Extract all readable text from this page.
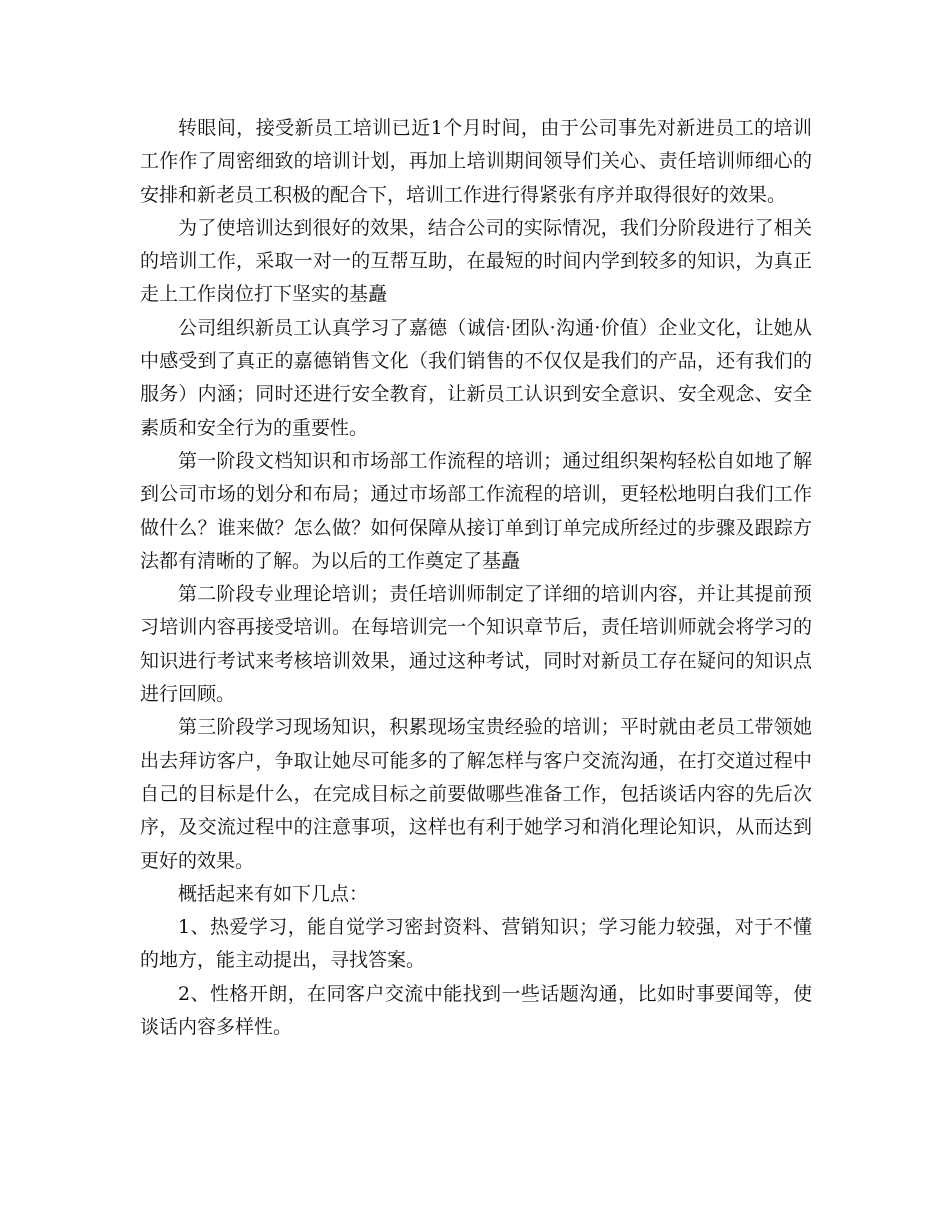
转眼间，接受新员工培训已近1个月时间，由于公司事先对新进员工的培训工作作了周密细致的培训计划，再加上培训期间领导们关心、责任培训师细心的安排和新老员工积极的配合下，培训工作进行得紧张有序并取得很好的效果。

为了使培训达到很好的效果，结合公司的实际情况，我们分阶段进行了相关的培训工作，采取一对一的互帮互助，在最短的时间内学到较多的知识，为真正走上工作岗位打下坚实的基矗

公司组织新员工认真学习了嘉德（诚信·团队·沟通·价值）企业文化，让她从中感受到了真正的嘉德销售文化（我们销售的不仅仅是我们的产品，还有我们的服务）内涵；同时还进行安全教育，让新员工认识到安全意识、安全观念、安全素质和安全行为的重要性。

第一阶段文档知识和市场部工作流程的培训；通过组织架构轻松自如地了解到公司市场的划分和布局；通过市场部工作流程的培训，更轻松地明白我们工作做什么？谁来做？怎么做？如何保障从接订单到订单完成所经过的步骤及跟踪方法都有清晰的了解。为以后的工作奠定了基矗

第二阶段专业理论培训；责任培训师制定了详细的培训内容，并让其提前预习培训内容再接受培训。在每培训完一个知识章节后，责任培训师就会将学习的知识进行考试来考核培训效果，通过这种考试，同时对新员工存在疑问的知识点进行回顾。

第三阶段学习现场知识，积累现场宝贵经验的培训；平时就由老员工带领她出去拜访客户，争取让她尽可能多的了解怎样与客户交流沟通，在打交道过程中自己的目标是什么，在完成目标之前要做哪些准备工作，包括谈话内容的先后次序，及交流过程中的注意事项，这样也有利于她学习和消化理论知识，从而达到更好的效果。

概括起来有如下几点：

1、热爱学习，能自觉学习密封资料、营销知识；学习能力较强，对于不懂的地方，能主动提出，寻找答案。

2、性格开朗，在同客户交流中能找到一些话题沟通，比如时事要闻等，使谈话内容多样性。
